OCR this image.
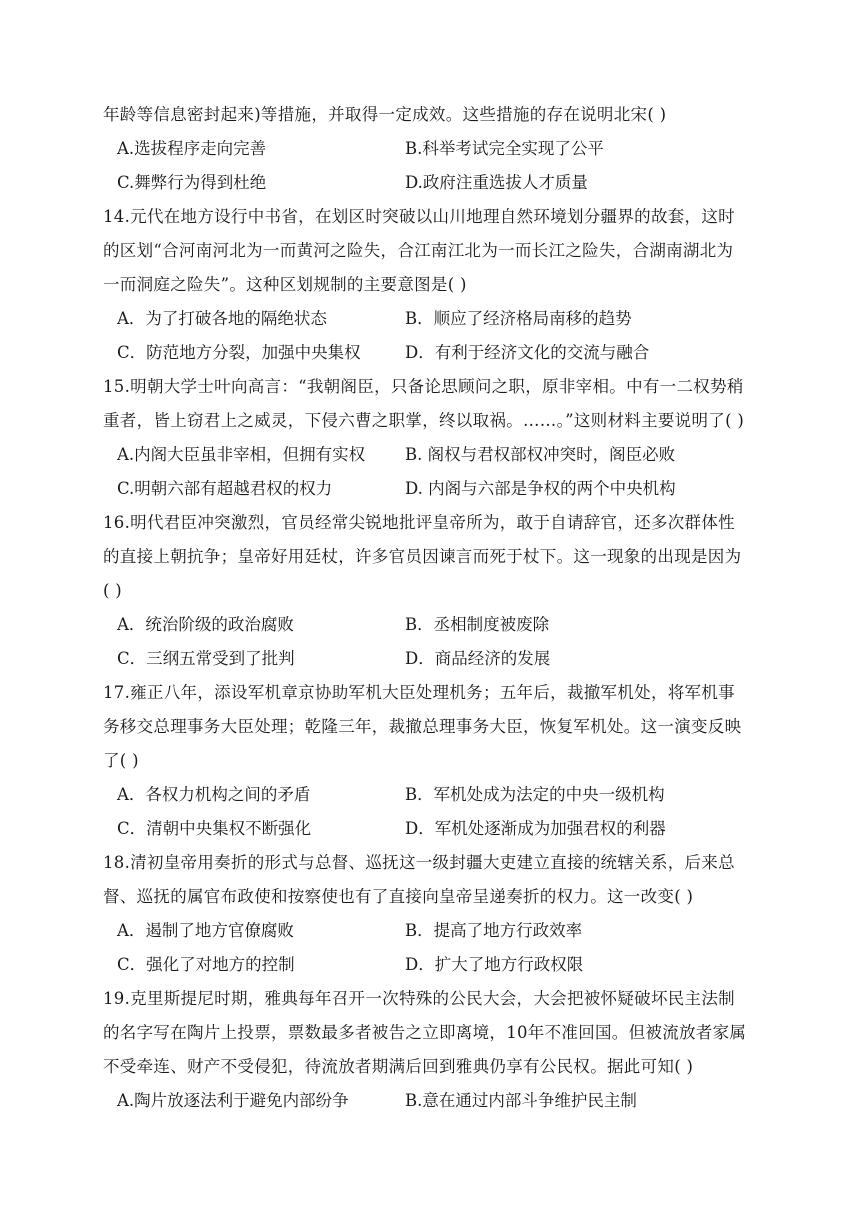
年龄等信息密封起来)等措施，并取得一定成效。这些措施的存在说明北宋( )
A.选拔程序走向完善	B.科举考试完全实现了公平
C.舞弊行为得到杜绝	D.政府注重选拔人才质量
14.元代在地方设行中书省，在划区时突破以山川地理自然环境划分疆界的故套，这时
的区划“合河南河北为一而黄河之险失，合江南江北为一而长江之险失，合湖南湖北为
一而洞庭之险失”。这种区划规制的主要意图是( )
A．为了打破各地的隔绝状态	B．顺应了经济格局南移的趋势
C．防范地方分裂，加强中央集权	D．有利于经济文化的交流与融合
15.明朝大学士叶向高言：“我朝阁臣，只备论思顾问之职，原非宰相。中有一二权势稍
重者，皆上窃君上之威灵，下侵六曹之职掌，终以取祸。……。”这则材料主要说明了( )
A.内阁大臣虽非宰相，但拥有实权 B. 阁权与君权部权冲突时，阁臣必败
C.明朝六部有超越君权的权力	D. 内阁与六部是争权的两个中央机构
16.明代君臣冲突激烈，官员经常尖锐地批评皇帝所为，敢于自请辞官，还多次群体性
的直接上朝抗争；皇帝好用廷杖，许多官员因谏言而死于杖下。这一现象的出现是因为
( )
A．统治阶级的政治腐败	B．丞相制度被废除
C．三纲五常受到了批判	D．商品经济的发展
17.雍正八年，添设军机章京协助军机大臣处理机务；五年后，裁撤军机处，将军机事
务移交总理事务大臣处理；乾隆三年，裁撤总理事务大臣，恢复军机处。这一演变反映
了( )
A．各权力机构之间的矛盾	B．军机处成为法定的中央一级机构
C．清朝中央集权不断强化	D．军机处逐渐成为加强君权的利器
18.清初皇帝用奏折的形式与总督、巡抚这一级封疆大吏建立直接的统辖关系，后来总
督、巡抚的属官布政使和按察使也有了直接向皇帝呈递奏折的权力。这一改变( )
A．遏制了地方官僚腐败	B．提高了地方行政效率
C．强化了对地方的控制	D．扩大了地方行政权限
19.克里斯提尼时期，雅典每年召开一次特殊的公民大会，大会把被怀疑破坏民主法制
的名字写在陶片上投票，票数最多者被告之立即离境，10年不准回国。但被流放者家属
不受牵连、财产不受侵犯，待流放者期满后回到雅典仍享有公民权。据此可知( )
A.陶片放逐法利于避免内部纷争	B.意在通过内部斗争维护民主制
